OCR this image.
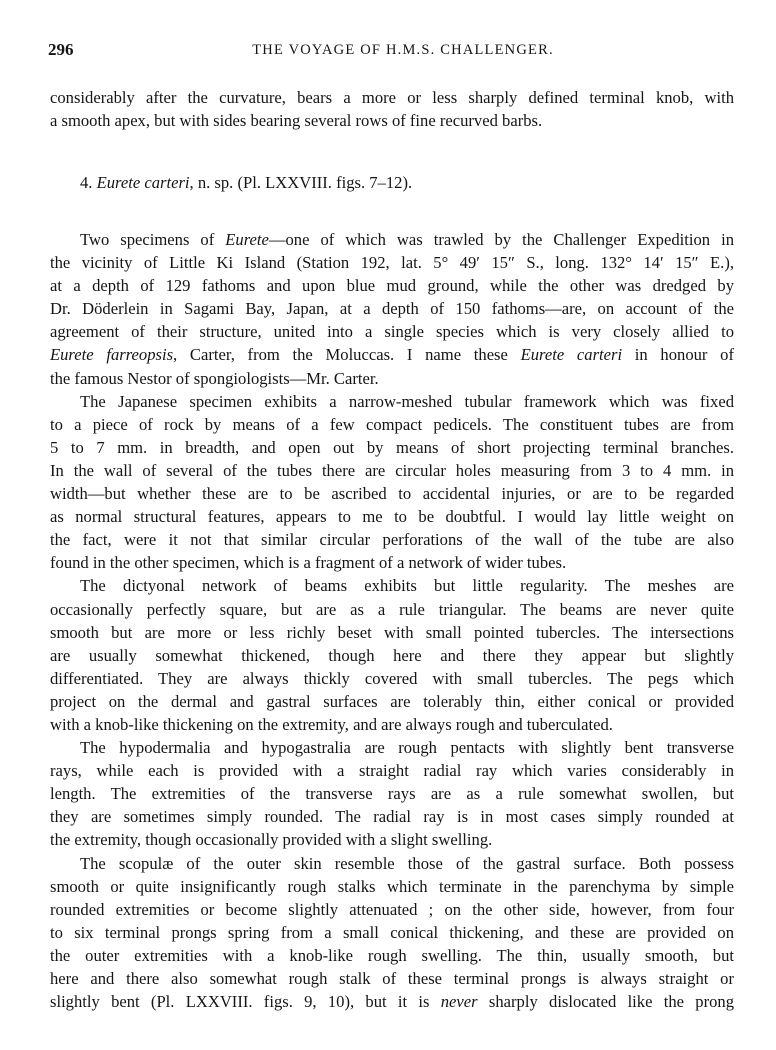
296	THE VOYAGE OF H.M.S. CHALLENGER.
considerably after the curvature, bears a more or less sharply defined terminal knob, with
a smooth apex, but with sides bearing several rows of fine recurved barbs.
4. Eurete carteri, n. sp. (Pl. LXXVIII. figs. 7–12).
Two specimens of Eurete—one of which was trawled by the Challenger Expedition in
the vicinity of Little Ki Island (Station 192, lat. 5° 49′ 15″ S., long. 132° 14′ 15″ E.),
at a depth of 129 fathoms and upon blue mud ground, while the other was dredged by
Dr. Döderlein in Sagami Bay, Japan, at a depth of 150 fathoms—are, on account of the
agreement of their structure, united into a single species which is very closely allied to
Eurete farreopsis, Carter, from the Moluccas. I name these Eurete carteri in honour of
the famous Nestor of spongiologists—Mr. Carter.
The Japanese specimen exhibits a narrow-meshed tubular framework which was fixed
to a piece of rock by means of a few compact pedicels. The constituent tubes are from
5 to 7 mm. in breadth, and open out by means of short projecting terminal branches.
In the wall of several of the tubes there are circular holes measuring from 3 to 4 mm. in
width—but whether these are to be ascribed to accidental injuries, or are to be regarded
as normal structural features, appears to me to be doubtful. I would lay little weight on
the fact, were it not that similar circular perforations of the wall of the tube are also
found in the other specimen, which is a fragment of a network of wider tubes.
The dictyonal network of beams exhibits but little regularity. The meshes are
occasionally perfectly square, but are as a rule triangular. The beams are never quite
smooth but are more or less richly beset with small pointed tubercles. The intersections
are usually somewhat thickened, though here and there they appear but slightly
differentiated. They are always thickly covered with small tubercles. The pegs which
project on the dermal and gastral surfaces are tolerably thin, either conical or provided
with a knob-like thickening on the extremity, and are always rough and tuberculated.
The hypodermalia and hypogastralia are rough pentacts with slightly bent transverse
rays, while each is provided with a straight radial ray which varies considerably in
length. The extremities of the transverse rays are as a rule somewhat swollen, but
they are sometimes simply rounded. The radial ray is in most cases simply rounded at
the extremity, though occasionally provided with a slight swelling.
The scopulæ of the outer skin resemble those of the gastral surface. Both possess
smooth or quite insignificantly rough stalks which terminate in the parenchyma by simple
rounded extremities or become slightly attenuated ; on the other side, however, from four
to six terminal prongs spring from a small conical thickening, and these are provided on
the outer extremities with a knob-like rough swelling. The thin, usually smooth, but
here and there also somewhat rough stalk of these terminal prongs is always straight or
slightly bent (Pl. LXXVIII. figs. 9, 10), but it is never sharply dislocated like the prong
